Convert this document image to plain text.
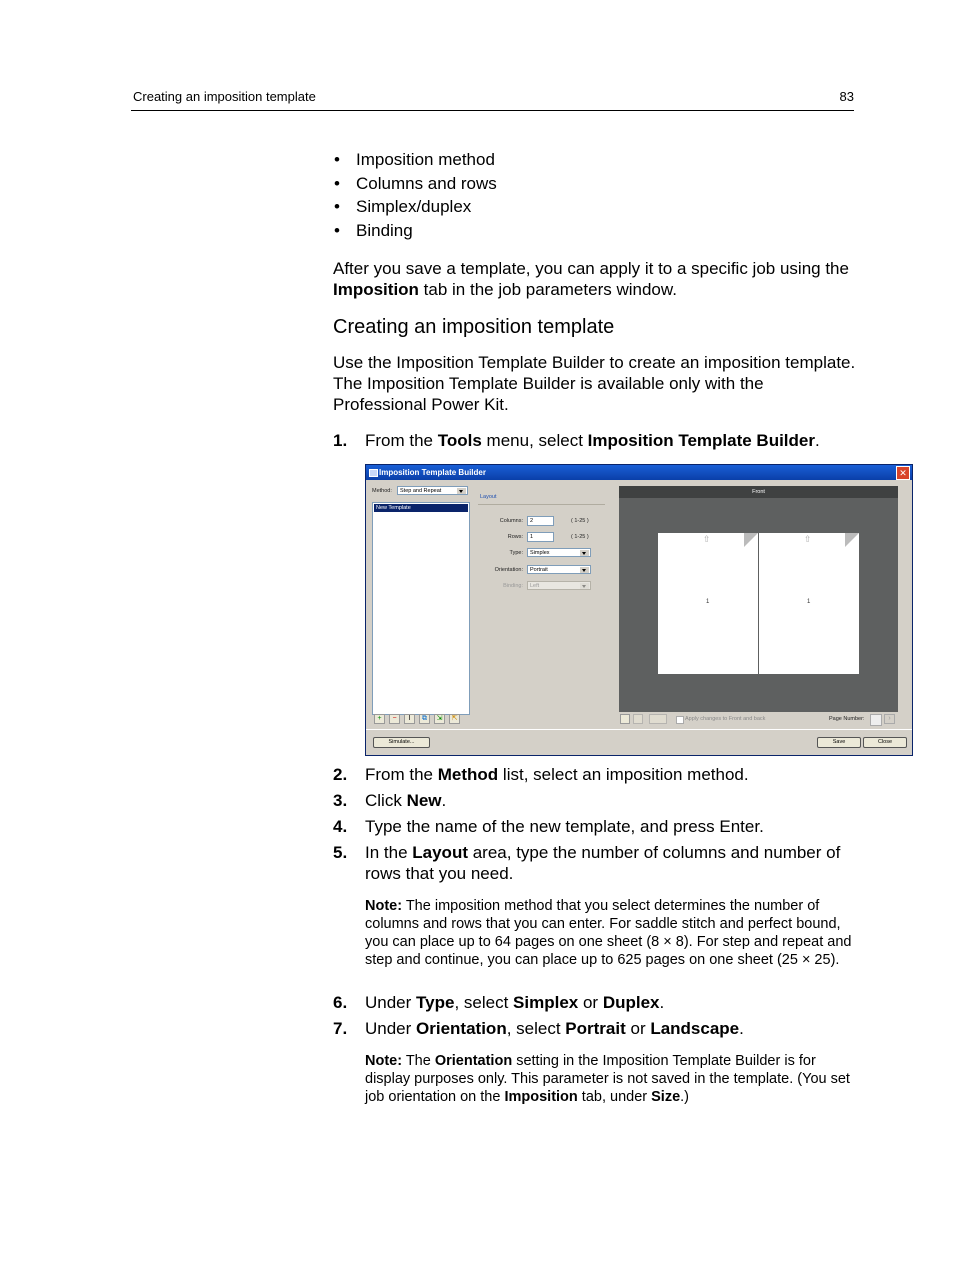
Creating an imposition template	83
• Imposition method
• Columns and rows
• Simplex/duplex
• Binding
After you save a template, you can apply it to a specific job using the Imposition tab in the job parameters window.
Creating an imposition template
Use the Imposition Template Builder to create an imposition template. The Imposition Template Builder is available only with the Professional Power Kit.
1. From the Tools menu, select Imposition Template Builder.
Imposition Template Builder	✕
Method:	Step and Repeat
New Template
+	−	I	⧉	⇲	⇱
Layout
Columns:	2	( 1-25 )
Rows:	1	( 1-25 )
Type:	Simplex
Orientation:	Portrait
Binding:	Left
Front
⇧
1
⇧
1
Apply changes to Front and back	Page Number:	›
Simulate...	Save	Close
2. From the Method list, select an imposition method.
3. Click New.
4. Type the name of the new template, and press Enter.
5. In the Layout area, type the number of columns and number of rows that you need.
Note: The imposition method that you select determines the number of columns and rows that you can enter. For saddle stitch and perfect bound, you can place up to 64 pages on one sheet (8 × 8). For step and repeat and step and continue, you can place up to 625 pages on one sheet (25 × 25).
6. Under Type, select Simplex or Duplex.
7. Under Orientation, select Portrait or Landscape.
Note: The Orientation setting in the Imposition Template Builder is for display purposes only. This parameter is not saved in the template. (You set job orientation on the Imposition tab, under Size.)
